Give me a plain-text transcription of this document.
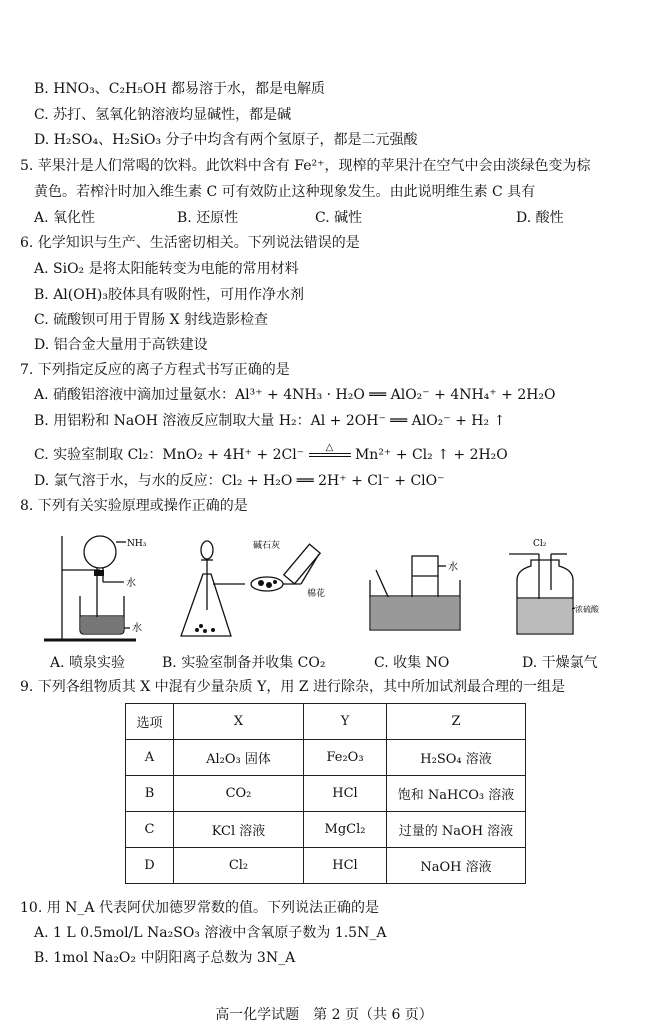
B. HNO₃、C₂H₅OH 都易溶于水，都是电解质
C. 苏打、氢氧化钠溶液均显碱性，都是碱
D. H₂SO₄、H₂SiO₃ 分子中均含有两个氢原子，都是二元强酸
5. 苹果汁是人们常喝的饮料。此饮料中含有 Fe²⁺，现榨的苹果汁在空气中会由淡绿色变为棕
黄色。若榨汁时加入维生素 C 可有效防止这种现象发生。由此说明维生素 C 具有
A. 氧化性	B. 还原性	C. 碱性	D. 酸性
6. 化学知识与生产、生活密切相关。下列说法错误的是
A. SiO₂ 是将太阳能转变为电能的常用材料
B. Al(OH)₃胶体具有吸附性，可用作净水剂
C. 硫酸钡可用于胃肠 X 射线造影检查
D. 铝合金大量用于高铁建设
7. 下列指定反应的离子方程式书写正确的是
A. 硝酸铝溶液中滴加过量氨水：Al³⁺ + 4NH₃ · H₂O ══ AlO₂⁻ + 4NH₄⁺ + 2H₂O
B. 用铝粉和 NaOH 溶液反应制取大量 H₂：Al + 2OH⁻ ══ AlO₂⁻ + H₂ ↑
C. 实验室制取 Cl₂：MnO₂ + 4H⁺ + 2Cl⁻	△	Mn²⁺ + Cl₂ ↑ + 2H₂O
D. 氯气溶于水，与水的反应：Cl₂ + H₂O ══ 2H⁺ + Cl⁻ + ClO⁻
8. 下列有关实验原理或操作正确的是
NH₃
水
水
碱石灰
棉花
水
Cl₂
浓硫酸
A. 喷泉实验	B. 实验室制备并收集 CO₂	C. 收集 NO	D. 干燥氯气
9. 下列各组物质其 X 中混有少量杂质 Y，用 Z 进行除杂，其中所加试剂最合理的一组是
选项	X	Y	Z
A	Al₂O₃ 固体	Fe₂O₃	H₂SO₄ 溶液
B	CO₂	HCl	饱和 NaHCO₃ 溶液
C	KCl 溶液	MgCl₂	过量的 NaOH 溶液
D	Cl₂	HCl	NaOH 溶液
10. 用 N_A 代表阿伏加德罗常数的值。下列说法正确的是
A. 1 L 0.5mol/L Na₂SO₃ 溶液中含氧原子数为 1.5N_A
B. 1mol Na₂O₂ 中阴阳离子总数为 3N_A
高一化学试题　第 2 页（共 6 页）
